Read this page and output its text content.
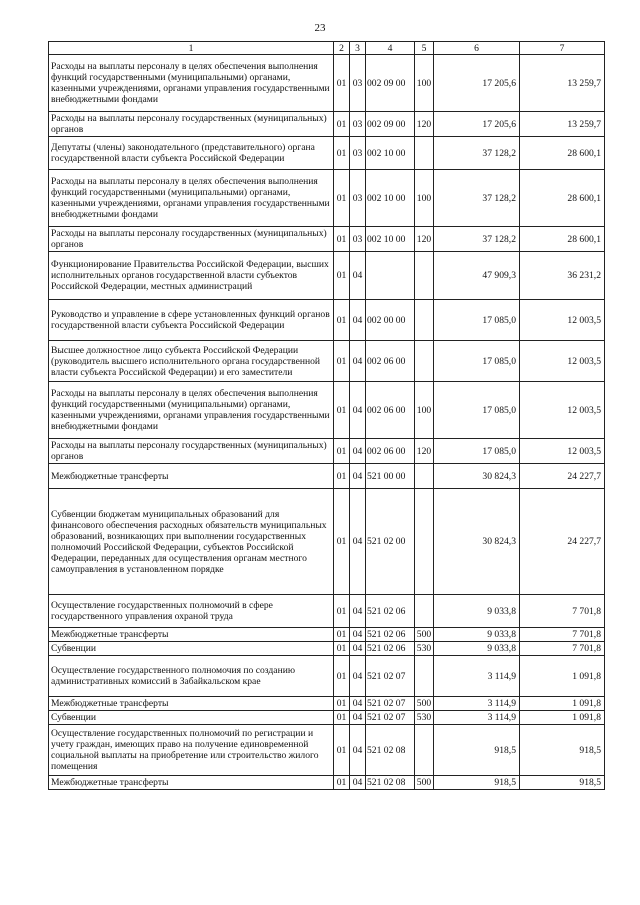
23
1	2	3	4	5	6	7
Расходы на выплаты персоналу в целях обеспечения выполнения функций государственными (муниципальными) органами, казенными учреждениями, органами управления государственными внебюджетными фондами	01	03	002 09 00	100	17 205,6	13 259,7
Расходы на выплаты персоналу государственных (муниципальных) органов	01	03	002 09 00	120	17 205,6	13 259,7
Депутаты (члены) законодательного (представительного) органа государственной власти субъекта Российской Федерации	01	03	002 10 00		37 128,2	28 600,1
Расходы на выплаты персоналу в целях обеспечения выполнения функций государственными (муниципальными) органами, казенными учреждениями, органами управления государственными внебюджетными фондами	01	03	002 10 00	100	37 128,2	28 600,1
Расходы на выплаты персоналу государственных (муниципальных) органов	01	03	002 10 00	120	37 128,2	28 600,1
Функционирование Правительства Российской Федерации, высших исполнительных органов государственной власти субъектов Российской Федерации, местных администраций	01	04			47 909,3	36 231,2
Руководство и управление в сфере установленных функций органов государственной власти субъекта Российской Федерации	01	04	002 00 00		17 085,0	12 003,5
Высшее должностное лицо субъекта Российской Федерации (руководитель высшего исполнительного органа государственной власти субъекта Российской Федерации) и его заместители	01	04	002 06 00		17 085,0	12 003,5
Расходы на выплаты персоналу в целях обеспечения выполнения функций государственными (муниципальными) органами, казенными учреждениями, органами управления государственными внебюджетными фондами	01	04	002 06 00	100	17 085,0	12 003,5
Расходы на выплаты персоналу государственных (муниципальных) органов	01	04	002 06 00	120	17 085,0	12 003,5
Межбюджетные трансферты	01	04	521 00 00		30 824,3	24 227,7
Субвенции бюджетам муниципальных образований для финансового обеспечения расходных обязательств муниципальных образований, возникающих при выполнении государственных полномочий Российской Федерации, субъектов Российской Федерации, переданных для осуществления органам местного самоуправления в установленном порядке	01	04	521 02 00		30 824,3	24 227,7
Осуществление государственных полномочий в сфере государственного управления охраной труда	01	04	521 02 06		9 033,8	7 701,8
Межбюджетные трансферты	01	04	521 02 06	500	9 033,8	7 701,8
Субвенции	01	04	521 02 06	530	9 033,8	7 701,8
Осуществление государственного полномочия по созданию административных комиссий в Забайкальском крае	01	04	521 02 07		3 114,9	1 091,8
Межбюджетные трансферты	01	04	521 02 07	500	3 114,9	1 091,8
Субвенции	01	04	521 02 07	530	3 114,9	1 091,8
Осуществление государственных полномочий по регистрации и учету граждан, имеющих право на получение единовременной социальной выплаты на приобретение или строительство жилого помещения	01	04	521 02 08		918,5	918,5
Межбюджетные трансферты	01	04	521 02 08	500	918,5	918,5
